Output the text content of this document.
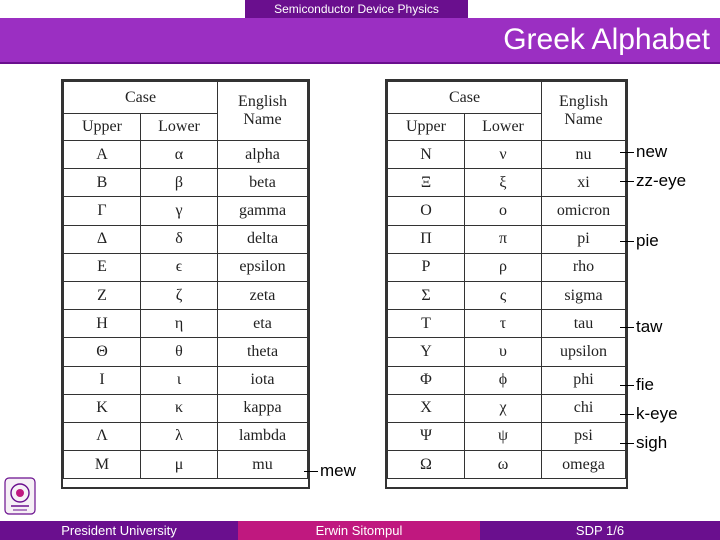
Semiconductor Device Physics
Greek Alphabet
Case		English Name
Upper	Lower	
Α	α	alpha
Β	β	beta
Γ	γ	gamma
Δ	δ	delta
Ε	ϵ	epsilon
Ζ	ζ	zeta
Η	η	eta
Θ	θ	theta
Ι	ι	iota
Κ	κ	kappa
Λ	λ	lambda
Μ	μ	mu
Case		English Name
Upper	Lower	
Ν	ν	nu
Ξ	ξ	xi
Ο	ο	omicron
Π	π	pi
Ρ	ρ	rho
Σ	ς	sigma
Τ	τ	tau
Υ	υ	upsilon
Φ	ϕ	phi
Χ	χ	chi
Ψ	ψ	psi
Ω	ω	omega
new
zz-eye
pie
taw
fie
k-eye
sigh
mew
President University	Erwin Sitompul	SDP 1/6
